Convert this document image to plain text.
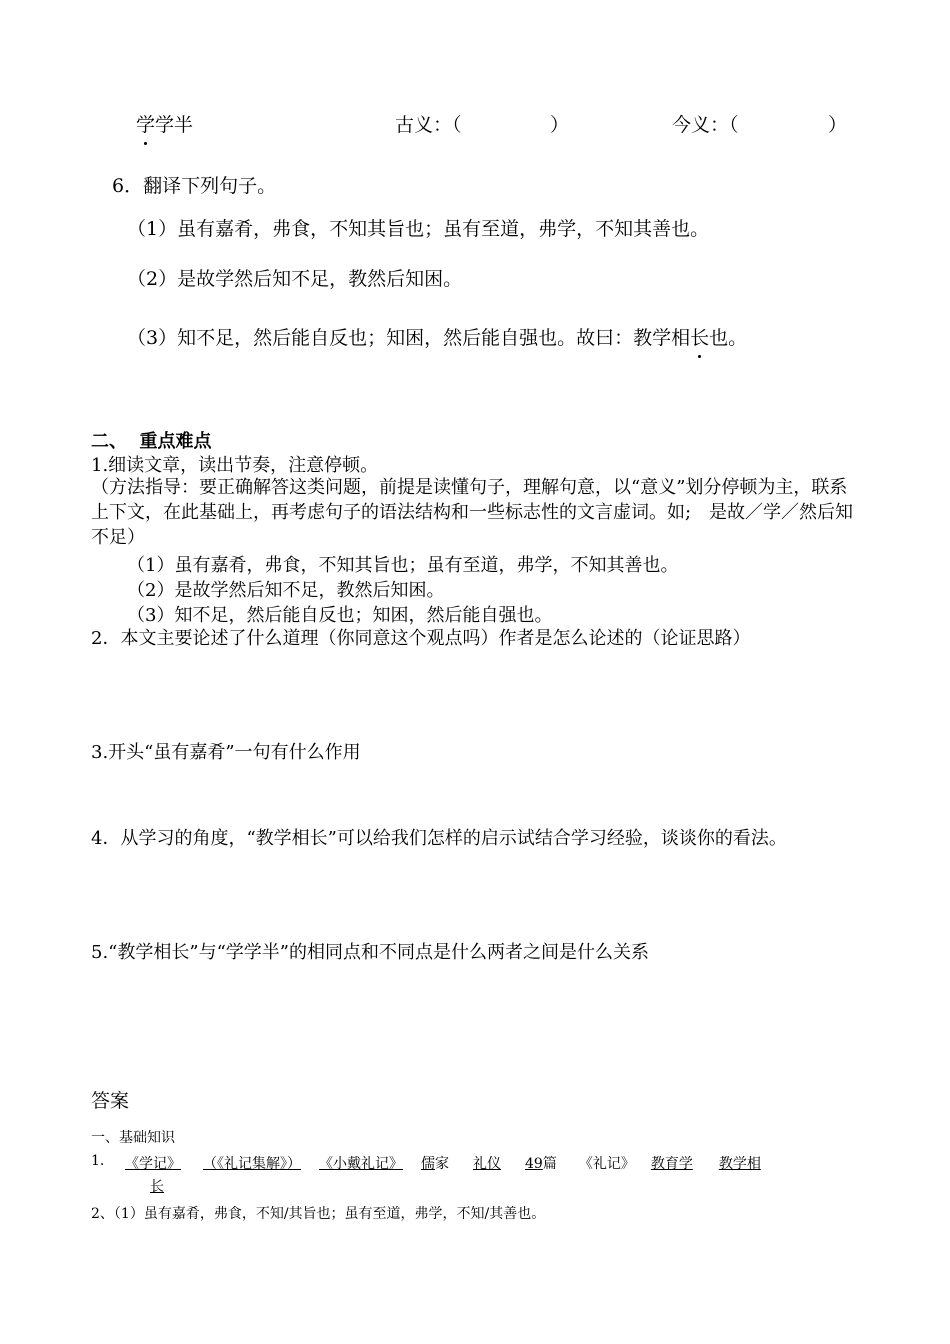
学学半	古义：（	）	今义：（	）
6．翻译下列句子。
（1）虽有嘉肴，弗食，不知其旨也；虽有至道，弗学，不知其善也。
（2）是故学然后知不足，教然后知困。
（3）知不足，然后能自反也；知困，然后能自强也。故曰：教学相长也。
二、  重点难点
1.细读文章，读出节奏，注意停顿。
（方法指导：要正确解答这类问题，前提是读懂句子，理解句意，以“意义”划分停顿为主，联系上下文，在此基础上，再考虑句子的语法结构和一些标志性的文言虚词。如;　是故／学／然后知不足）
（1）虽有嘉肴，弗食，不知其旨也；虽有至道，弗学，不知其善也。
（2）是故学然后知不足，教然后知困。
（3）知不足，然后能自反也；知困，然后能自强也。
2．本文主要论述了什么道理（你同意这个观点吗）作者是怎么论述的（论证思路）
3.开头“虽有嘉肴”一句有什么作用
4．从学习的角度，“教学相长”可以给我们怎样的启示试结合学习经验，谈谈你的看法。
5.“教学相长”与“学学半”的相同点和不同点是什么两者之间是什么关系
答案
一、基础知识
1. 《学记》 （《礼记集解》） 《小戴礼记》 儒家 礼仪 49篇 《礼记》 教育学 教学相
长
2、（1）虽有嘉肴，弗食，不知/其旨也；虽有至道，弗学，不知/其善也。
